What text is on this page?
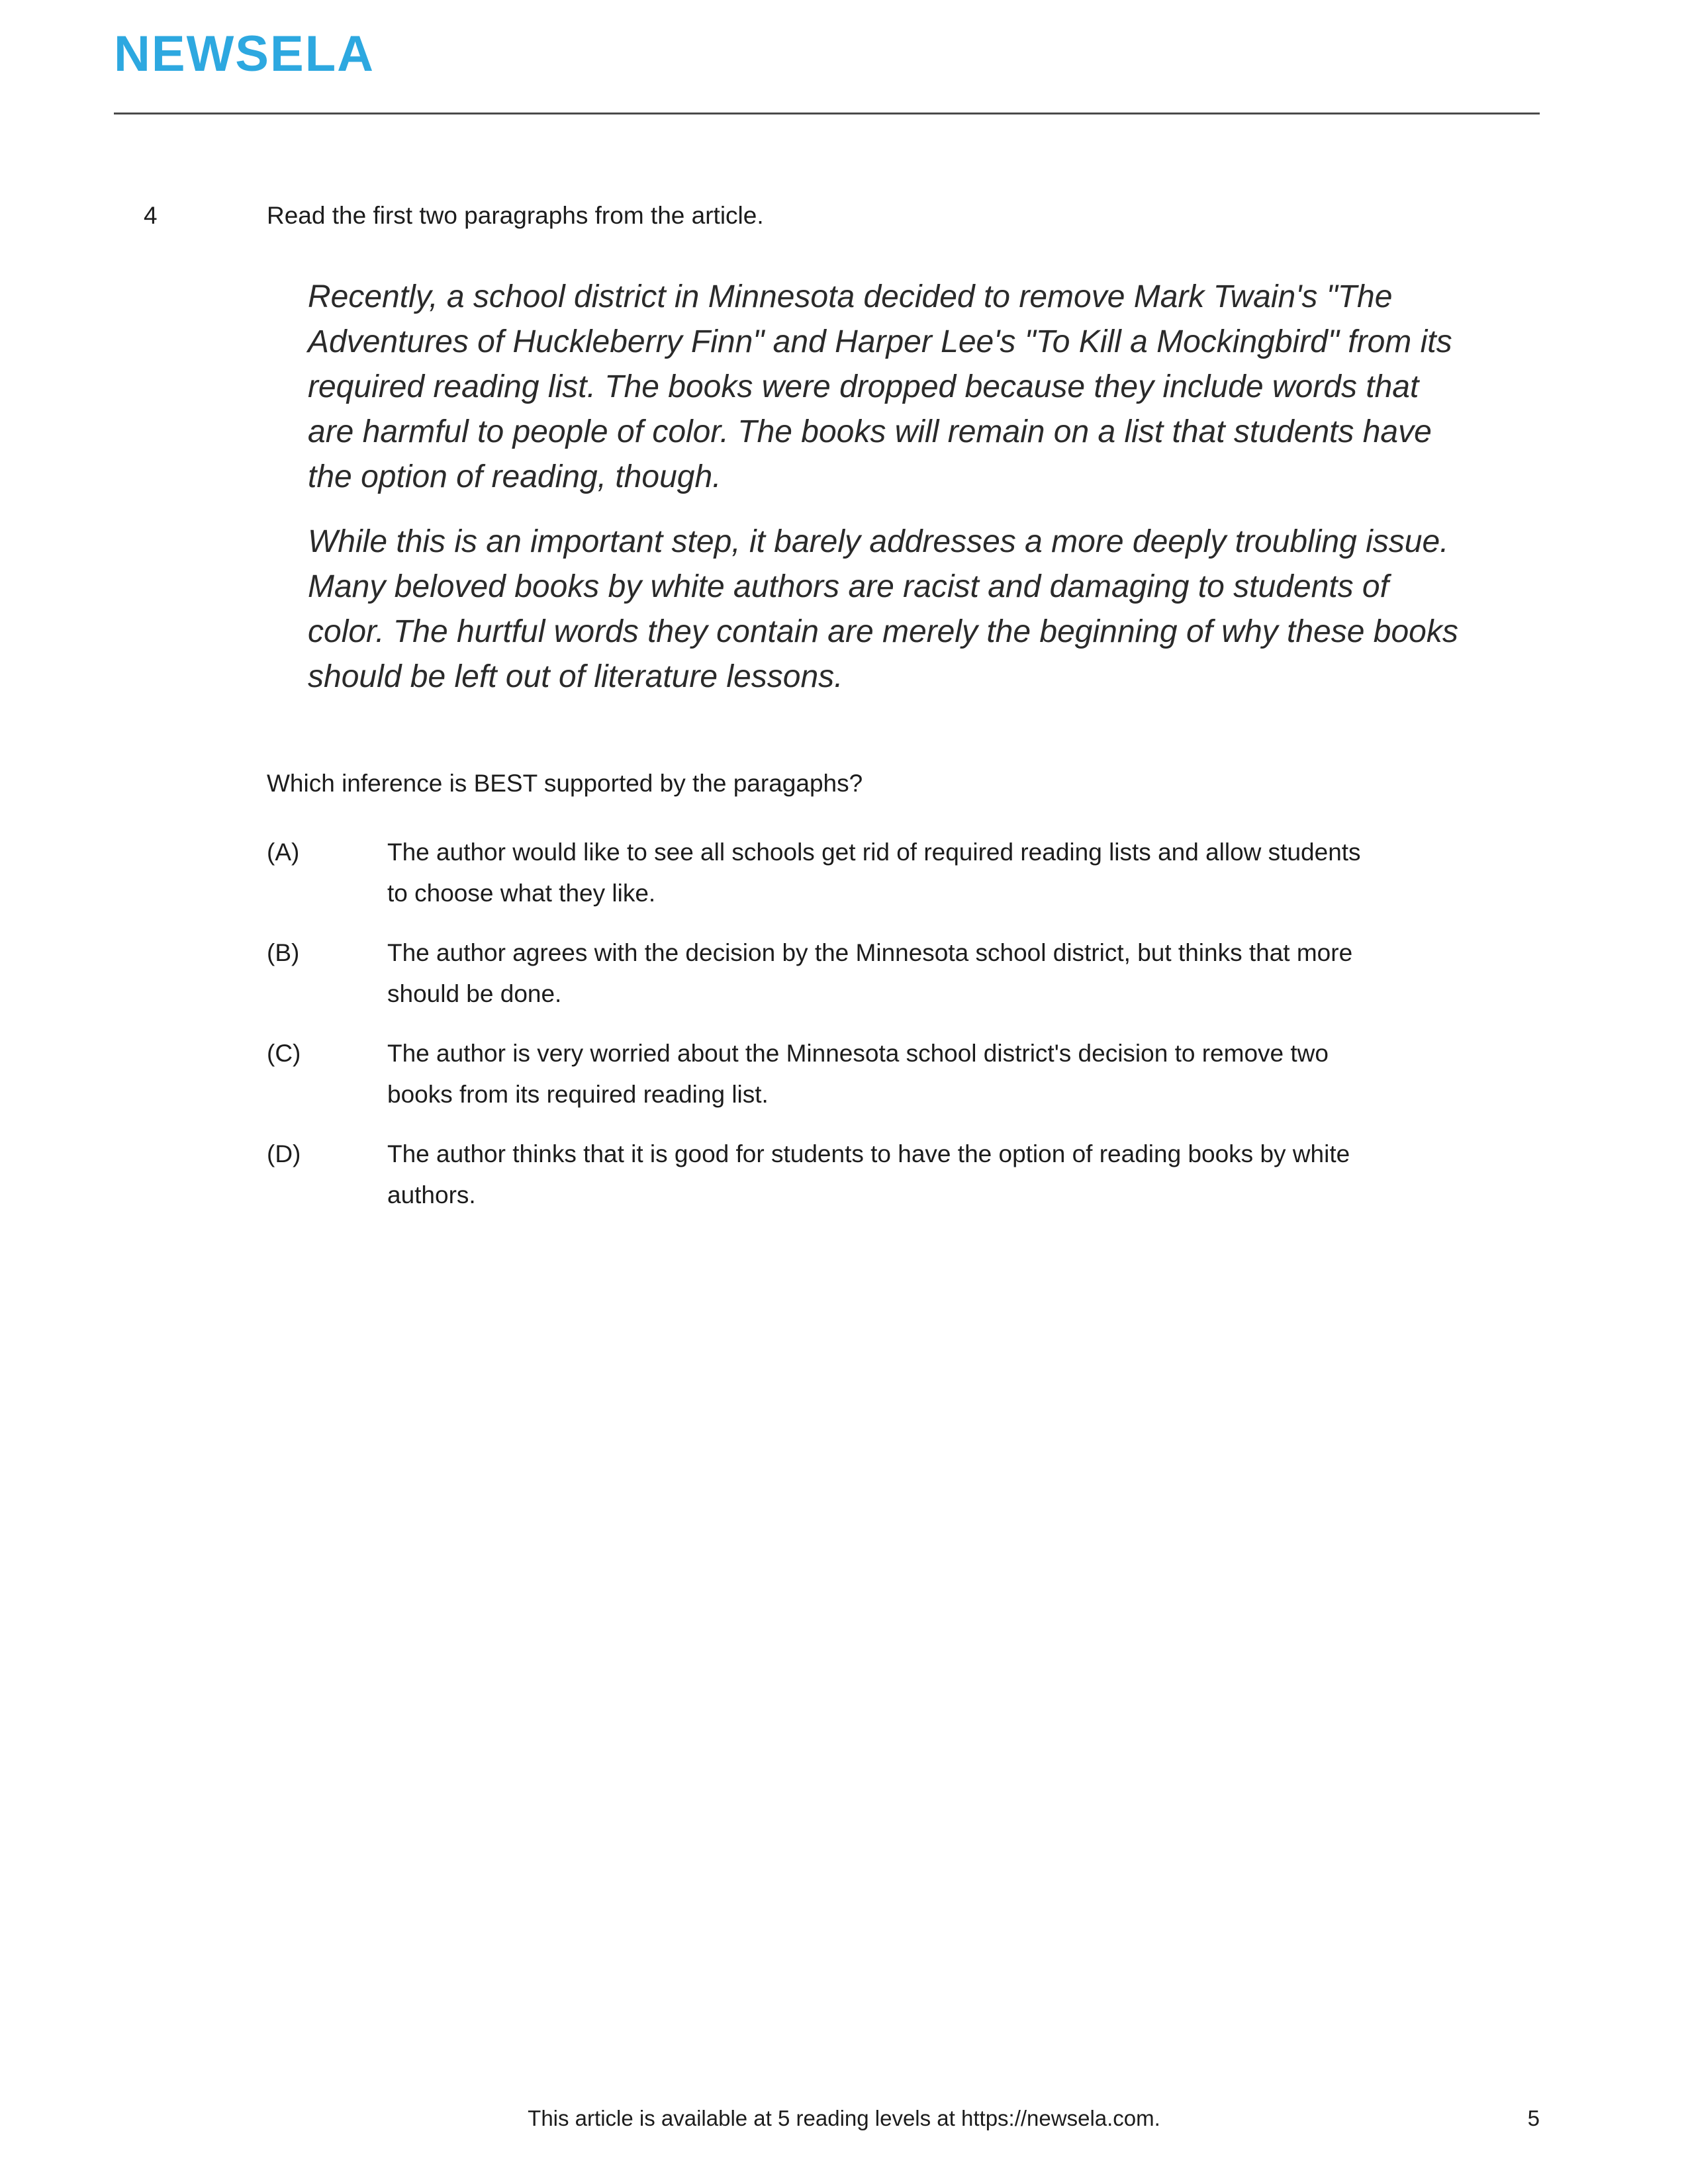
NEWSELA
4	Read the first two paragraphs from the article.

Recently, a school district in Minnesota decided to remove Mark Twain's "The Adventures of Huckleberry Finn" and Harper Lee's "To Kill a Mockingbird" from its required reading list. The books were dropped because they include words that are harmful to people of color. The books will remain on a list that students have the option of reading, though.

While this is an important step, it barely addresses a more deeply troubling issue. Many beloved books by white authors are racist and damaging to students of color. The hurtful words they contain are merely the beginning of why these books should be left out of literature lessons.

Which inference is BEST supported by the paragaphs?
(A)	The author would like to see all schools get rid of required reading lists and allow students to choose what they like.
(B)	The author agrees with the decision by the Minnesota school district, but thinks that more should be done.
(C)	The author is very worried about the Minnesota school district's decision to remove two books from its required reading list.
(D)	The author thinks that it is good for students to have the option of reading books by white authors.
This article is available at 5 reading levels at https://newsela.com.	5
